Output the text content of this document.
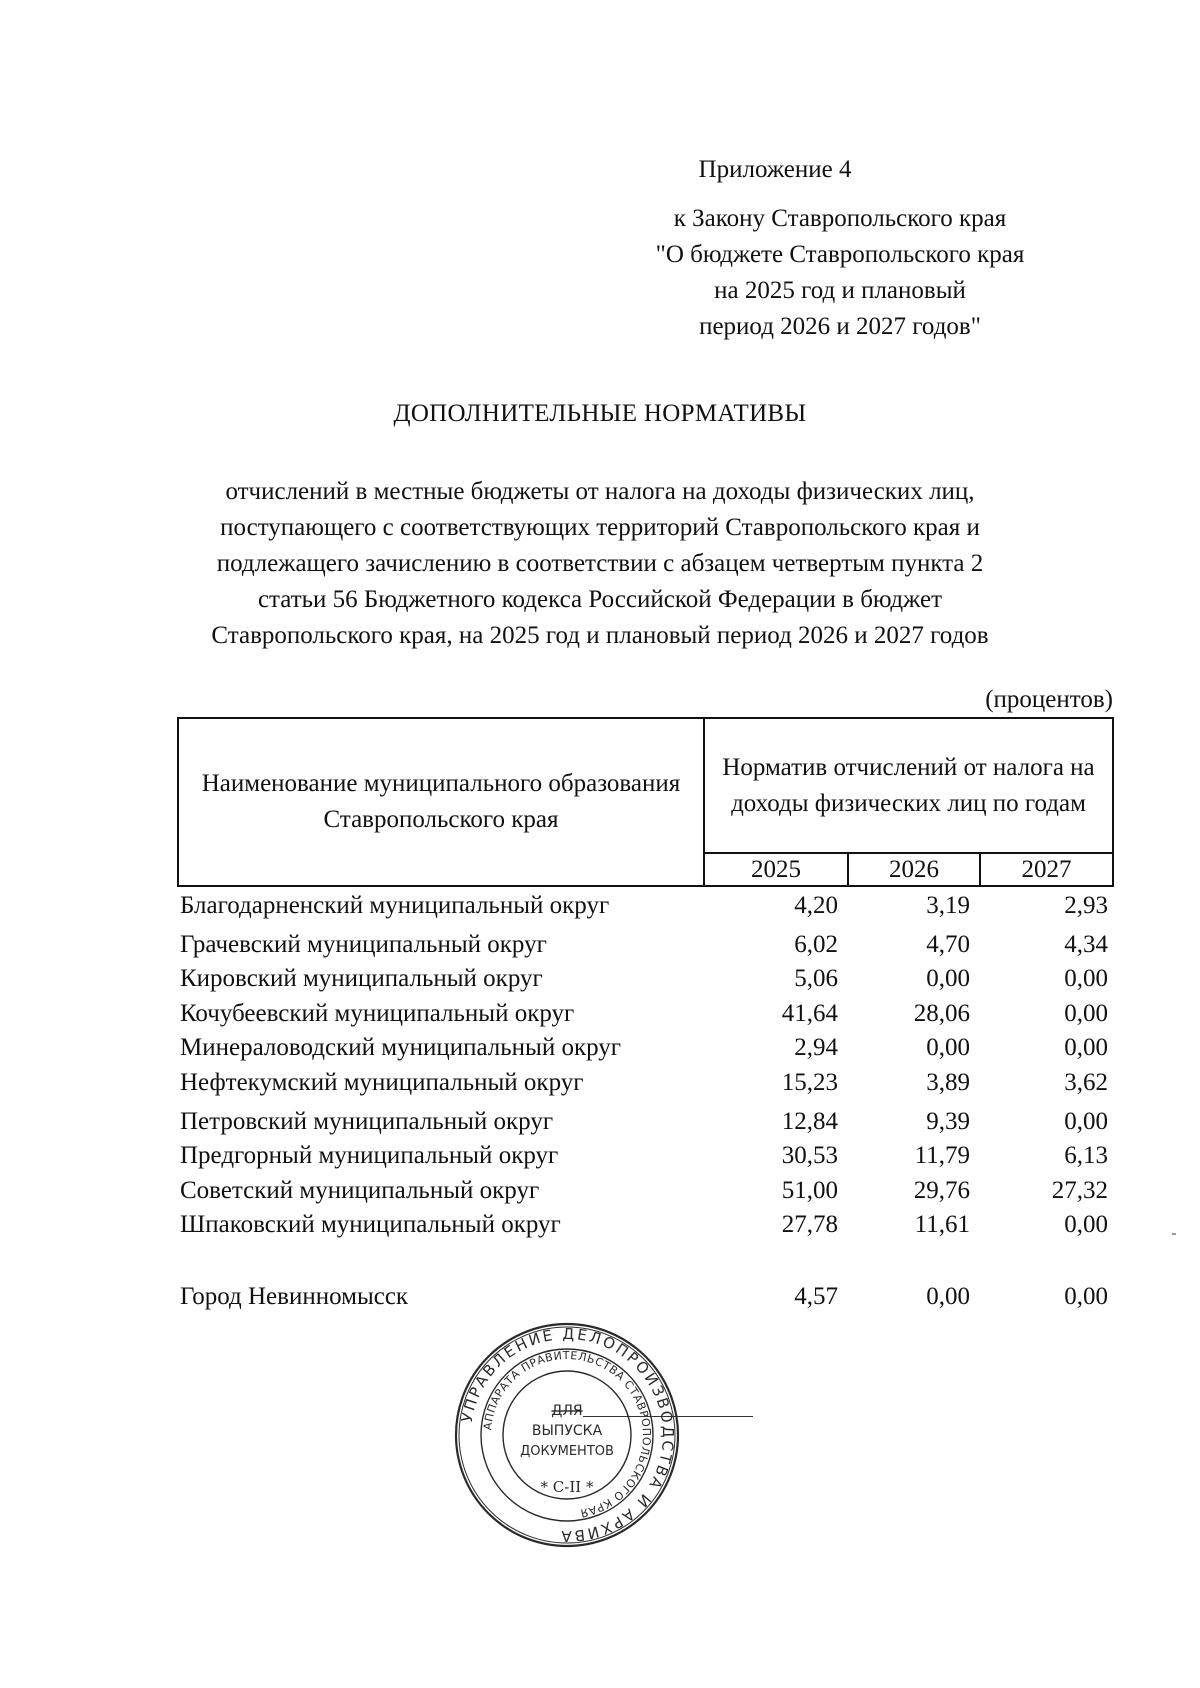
Приложение 4
к Закону Ставропольского края
"О бюджете Ставропольского края
на 2025 год и плановый
период 2026 и 2027 годов"
ДОПОЛНИТЕЛЬНЫЕ НОРМАТИВЫ
отчислений в местные бюджеты от налога на доходы физических лиц,
поступающего с соответствующих территорий Ставропольского края и
подлежащего зачислению в соответствии с абзацем четвертым пункта 2
статьи 56 Бюджетного кодекса Российской Федерации в бюджет
Ставропольского края, на 2025 год и плановый период 2026 и 2027 годов
(процентов)
Наименование муниципального образования Ставропольского края
Норматив отчислений от налога на доходы физических лиц по годам
2025	2026	2027
Благодарненский муниципальный округ	4,20	3,19	2,93
Грачевский муниципальный округ	6,02	4,70	4,34
Кировский муниципальный округ	5,06	0,00	0,00
Кочубеевский муниципальный округ	41,64	28,06	0,00
Минераловодский муниципальный округ	2,94	0,00	0,00
Нефтекумский муниципальный округ	15,23	3,89	3,62
Петровский муниципальный округ	12,84	9,39	0,00
Предгорный муниципальный округ	30,53	11,79	6,13
Советский муниципальный округ	51,00	29,76	27,32
Шпаковский муниципальный округ	27,78	11,61	0,00
Город Невинномысск	4,57	0,00	0,00
УПРАВЛЕНИЕ ДЕЛОПРОИЗВОДСТВА И АРХИВА
АППАРАТА ПРАВИТЕЛЬСТВА СТАВРОПОЛЬСКОГО КРАЯ
ДЛЯ
ВЫПУСКА
ДОКУМЕНТОВ
* С-II *
